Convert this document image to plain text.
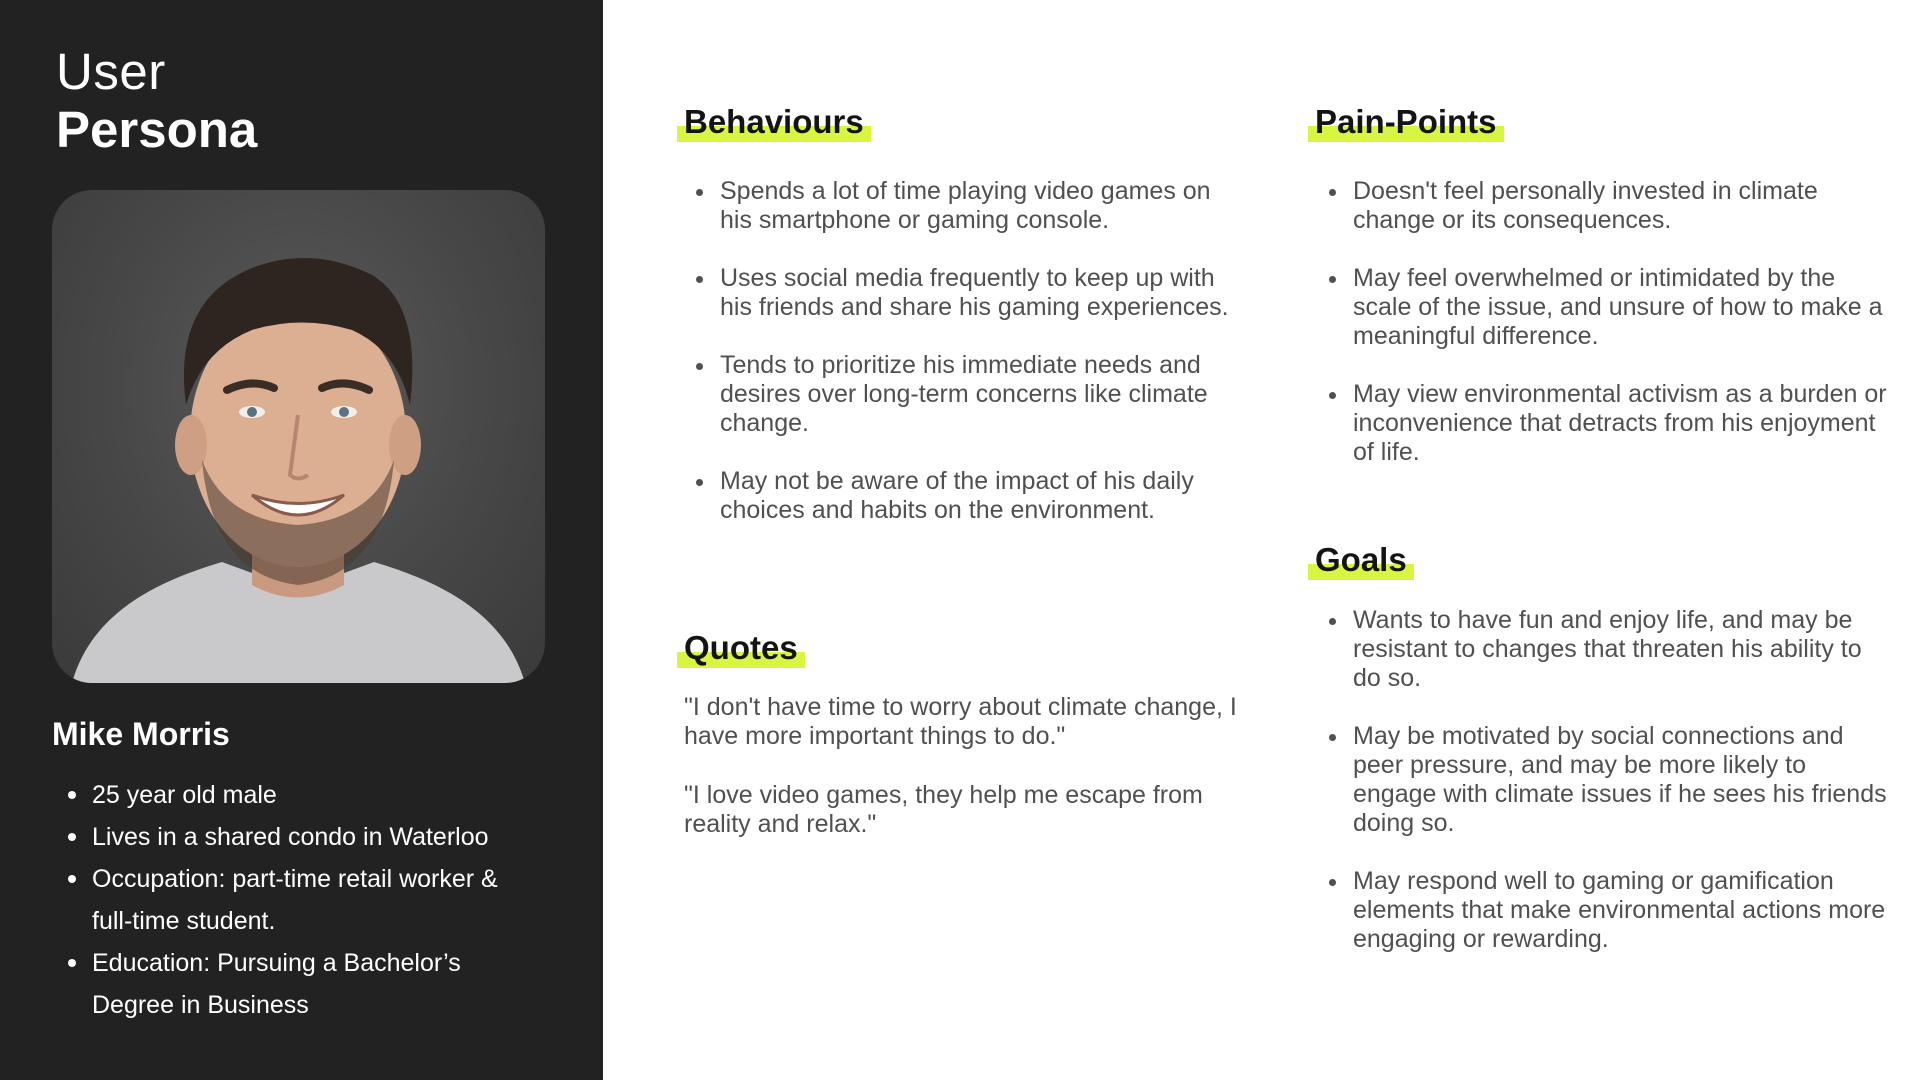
User
Persona
Mike Morris
25 year old male
Lives in a shared condo in Waterloo
Occupation: part-time retail worker &
full-time student.
Education: Pursuing a Bachelor’s
Degree in Business
Behaviours
Spends a lot of time playing video games on his smartphone or gaming console.
Uses social media frequently to keep up with his friends and share his gaming experiences.
Tends to prioritize his immediate needs and desires over long-term concerns like climate change.
May not be aware of the impact of his daily choices and habits on the environment.
Quotes

"I don't have time to worry about climate change, I have more important things to do."

"I love video games, they help me escape from reality and relax."

Pain-Points
Doesn't feel personally invested in climate change or its consequences.
May feel overwhelmed or intimidated by the scale of the issue, and unsure of how to make a meaningful difference.
May view environmental activism as a burden or inconvenience that detracts from his enjoyment of life.
Goals
Wants to have fun and enjoy life, and may be resistant to changes that threaten his ability to do so.
May be motivated by social connections and peer pressure, and may be more likely to engage with climate issues if he sees his friends doing so.
May respond well to gaming or gamification elements that make environmental actions more engaging or rewarding.
